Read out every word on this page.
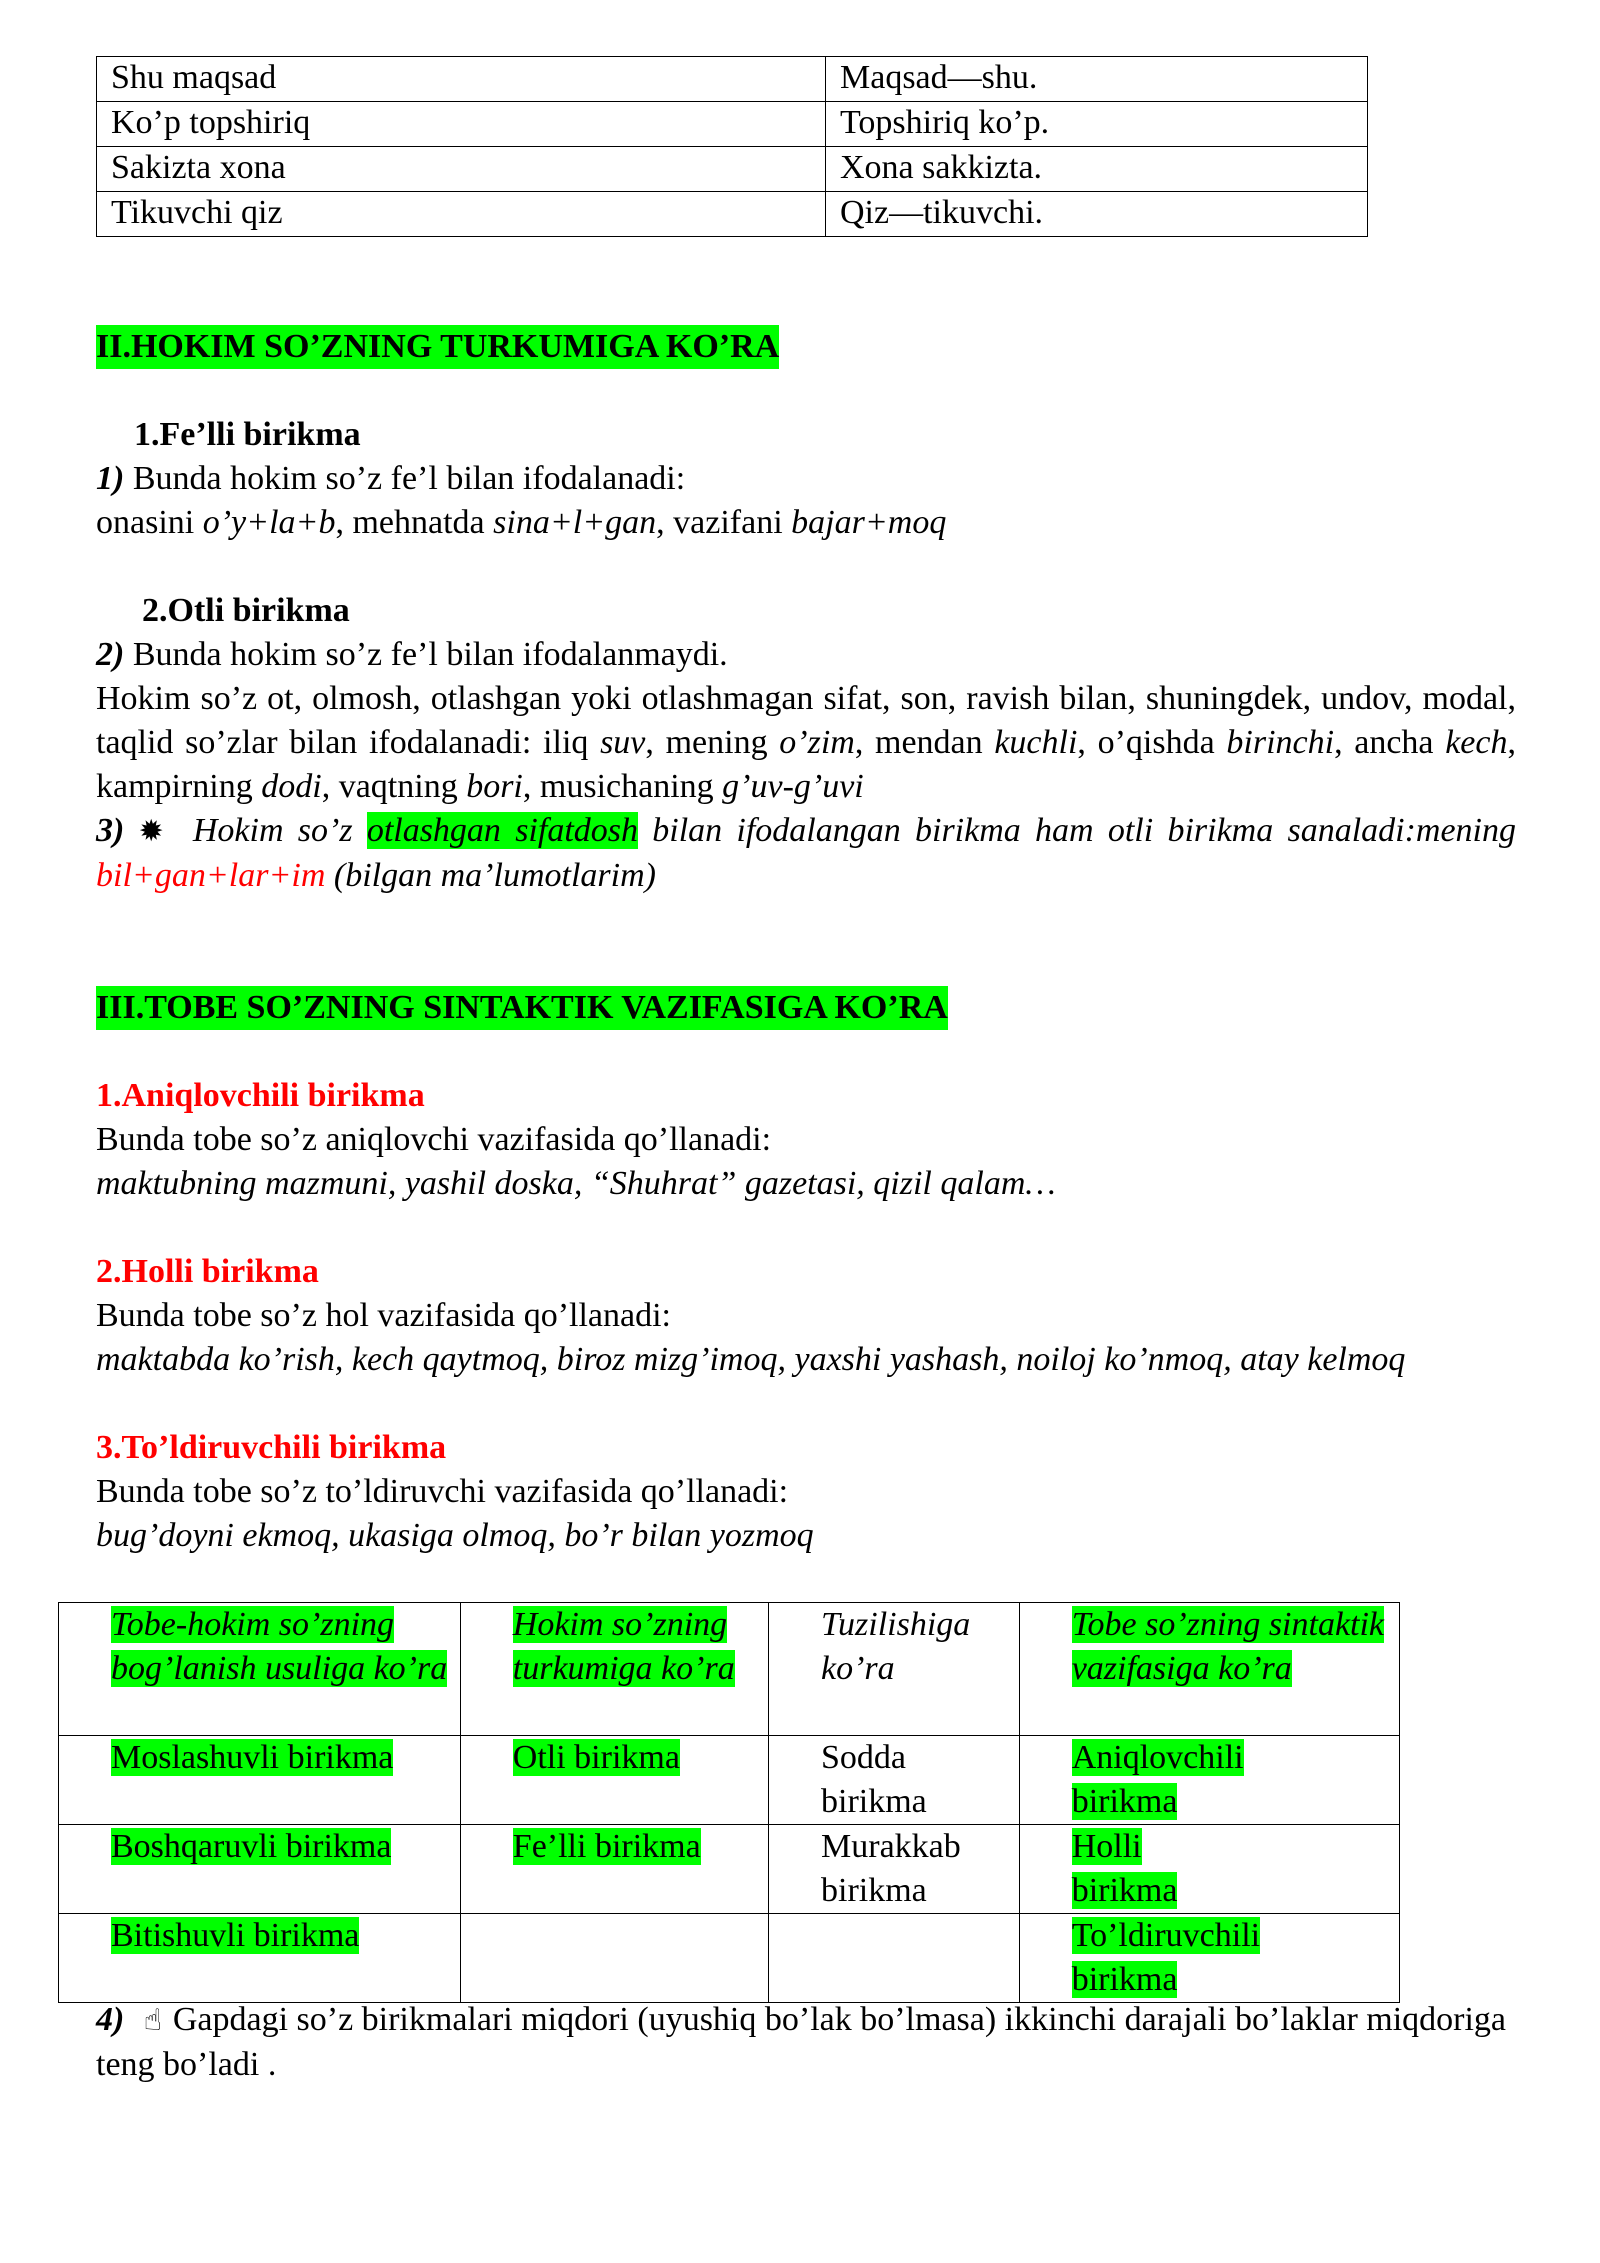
Shu maqsad	Maqsad—shu.
Ko’p topshiriq	Topshiriq ko’p.
Sakizta xona	Xona sakkizta.
Tikuvchi qiz	Qiz—tikuvchi.
II.HOKIM SO’ZNING TURKUMIGA KO’RA

1.Fe’lli birikma

1) Bunda hokim so’z fe’l bilan ifodalanadi:

onasini o’y+la+b, mehnatda sina+l+gan, vazifani bajar+moq

2.Otli birikma

2) Bunda hokim so’z fe’l bilan ifodalanmaydi.

Hokim so’z ot, olmosh, otlashgan yoki otlashmagan sifat, son, ravish bilan, shuningdek, undov, modal, taqlid so’zlar bilan ifodalanadi: iliq suv, mening o’zim, mendan kuchli, o’qishda birinchi, ancha kech, kampirning dodi, vaqtning bori, musichaning g’uv-g’uvi

3) ✹ Hokim so’z otlashgan sifatdosh bilan ifodalangan birikma ham otli birikma sanaladi:mening bil+gan+lar+im (bilgan ma’lumotlarim)

III.TOBE SO’ZNING SINTAKTIK VAZIFASIGA KO’RA

1.Aniqlovchili birikma

Bunda tobe so’z aniqlovchi vazifasida qo’llanadi:

maktubning mazmuni, yashil doska, “Shuhrat” gazetasi, qizil qalam…

2.Holli birikma

Bunda tobe so’z hol vazifasida qo’llanadi:

maktabda ko’rish, kech qaytmoq, biroz mizg’imoq, yaxshi yashash, noiloj ko’nmoq, atay kelmoq

3.To’ldiruvchili birikma

Bunda tobe so’z to’ldiruvchi vazifasida qo’llanadi:

bug’doyni ekmoq, ukasiga olmoq, bo’r bilan yozmoq

Tobe-hokim so’zning bog’lanish usuliga ko’ra	Hokim so’zning turkumiga ko’ra	Tuzilishiga ko’ra	Tobe so’zning sintaktik vazifasiga ko’ra

Moslashuvli birikma	Otli birikma	Sodda birikma	Aniqlovchili birikma

Boshqaruvli birikma	Fe’lli birikma	Murakkab birikma	Holli birikma

Bitishuvli birikma			To’ldiruvchili birikma

4) ☝ Gapdagi so’z birikmalari miqdori (uyushiq bo’lak bo’lmasa) ikkinchi darajali bo’laklar miqdoriga teng bo’ladi .
